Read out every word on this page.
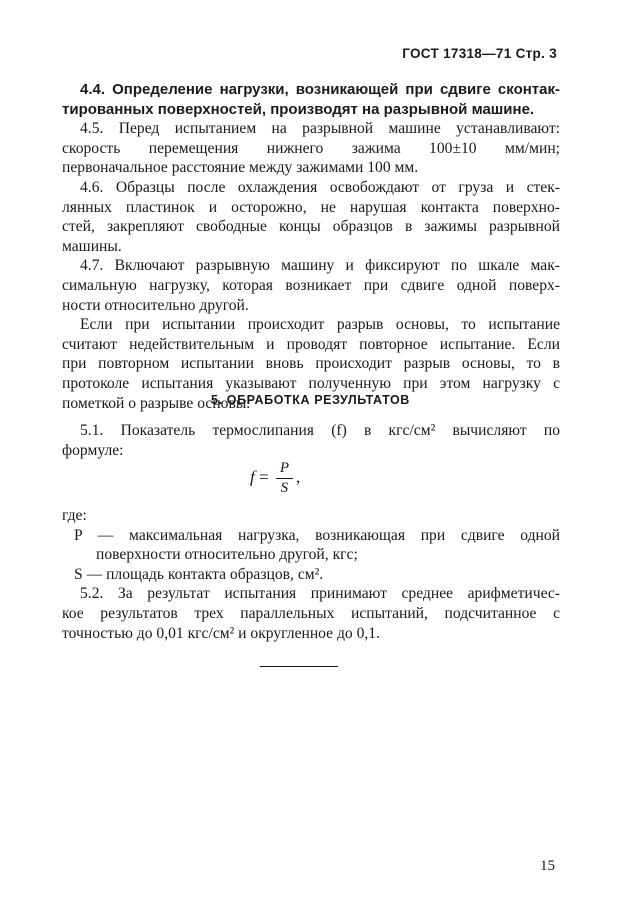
ГОСТ 17318—71 Стр. 3
4.4. Определение нагрузки, возникающей при сдвиге сконтак-
тированных поверхностей, производят на разрывной машине.
4.5. Перед испытанием на разрывной машине устанавливают:
скорость перемещения нижнего зажима 100±10 мм/мин;
первоначальное расстояние между зажимами 100 мм.
4.6. Образцы после охлаждения освобождают от груза и стек-
лянных пластинок и осторожно, не нарушая контакта поверхно-
стей, закрепляют свободные концы образцов в зажимы разрывной
машины.
4.7. Включают разрывную машину и фиксируют по шкале мак-
симальную нагрузку, которая возникает при сдвиге одной поверх-
ности относительно другой.
Если при испытании происходит разрыв основы, то испытание
считают недействительным и проводят повторное испытание. Если
при повторном испытании вновь происходит разрыв основы, то в
протоколе испытания указывают полученную при этом нагрузку с
пометкой о разрыве основы.
5. ОБРАБОТКА РЕЗУЛЬТАТОВ
5.1. Показатель термослипания (f) в кгс/см² вычисляют по
формуле:
$f = \frac{P}{S}$ ,
где:
P — максимальная нагрузка, возникающая при сдвиге одной
поверхности относительно другой, кгс;
S — площадь контакта образцов, см².
5.2. За результат испытания принимают среднее арифметичес-
кое результатов трех параллельных испытаний, подсчитанное с
точностью до 0,01 кгс/см² и округленное до 0,1.
15
